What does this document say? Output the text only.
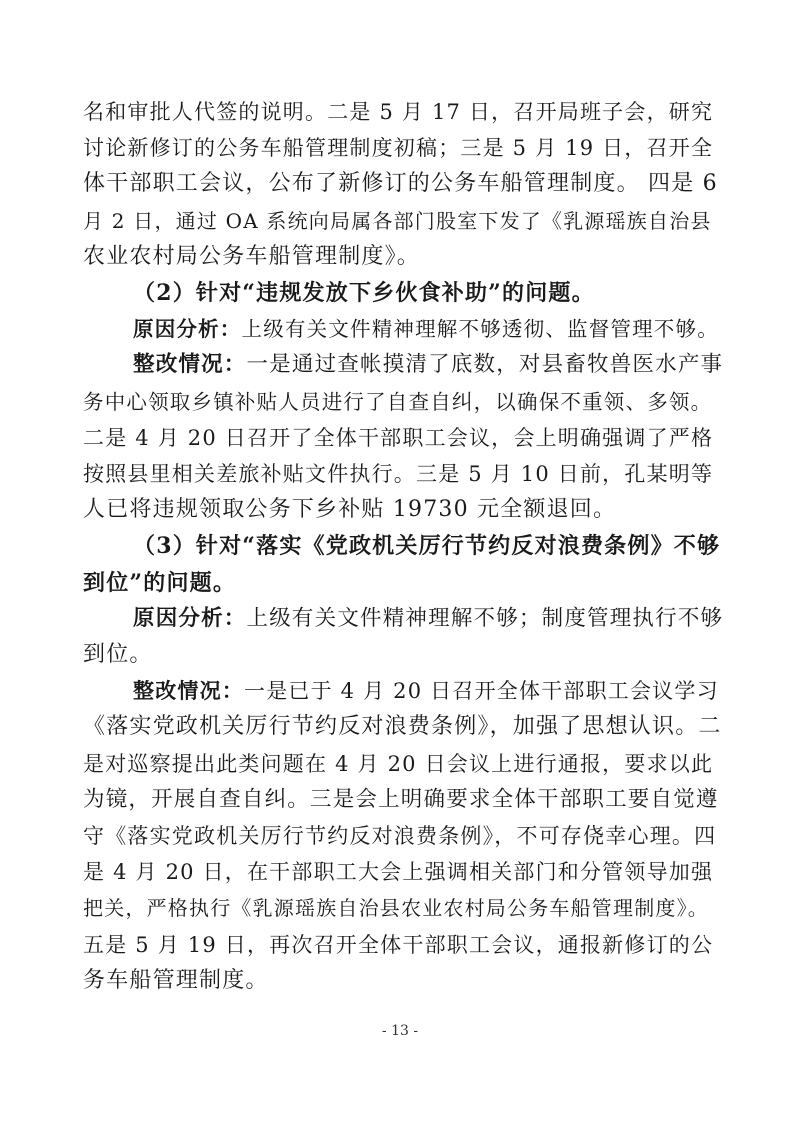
名和审批人代签的说明。二是 5 月 17 日，召开局班子会，研究
讨论新修订的公务车船管理制度初稿；三是 5 月 19 日，召开全
体干部职工会议，公布了新修订的公务车船管理制度。 四是 6
月 2 日，通过 OA 系统向局属各部门股室下发了《乳源瑶族自治县
农业农村局公务车船管理制度》。
（2）针对“违规发放下乡伙食补助”的问题。
原因分析：上级有关文件精神理解不够透彻、监督管理不够。
整改情况：一是通过查帐摸清了底数，对县畜牧兽医水产事
务中心领取乡镇补贴人员进行了自查自纠，以确保不重领、多领。
二是 4 月 20 日召开了全体干部职工会议，会上明确强调了严格
按照县里相关差旅补贴文件执行。三是 5 月 10 日前，孔某明等
人已将违规领取公务下乡补贴 19730 元全额退回。
（3）针对“落实《党政机关厉行节约反对浪费条例》不够
到位”的问题。
原因分析：上级有关文件精神理解不够；制度管理执行不够
到位。
整改情况：一是已于 4 月 20 日召开全体干部职工会议学习
《落实党政机关厉行节约反对浪费条例》，加强了思想认识。二
是对巡察提出此类问题在 4 月 20 日会议上进行通报，要求以此
为镜，开展自查自纠。三是会上明确要求全体干部职工要自觉遵
守《落实党政机关厉行节约反对浪费条例》，不可存侥幸心理。四
是 4 月 20 日，在干部职工大会上强调相关部门和分管领导加强
把关，严格执行《乳源瑶族自治县农业农村局公务车船管理制度》。
五是 5 月 19 日，再次召开全体干部职工会议，通报新修订的公
务车船管理制度。
- 13 -
